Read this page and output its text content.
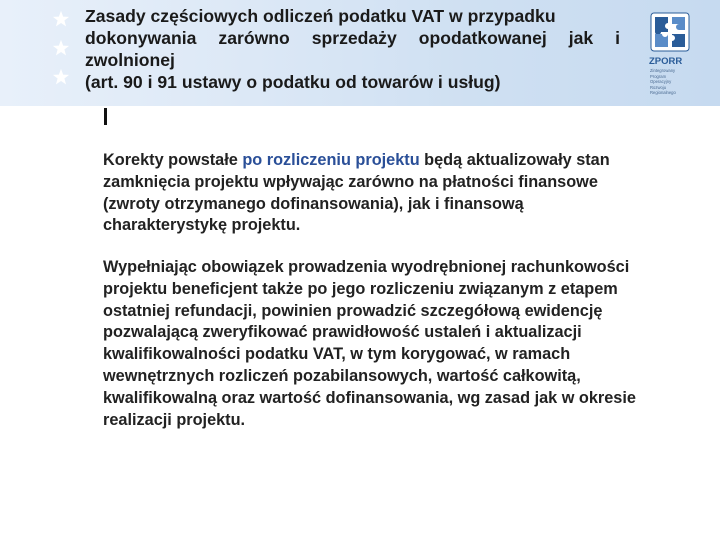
Zasady częściowych odliczeń podatku VAT w przypadku
dokonywania zarówno sprzedaży opodatkowanej jak i
zwolnionej
(art. 90 i 91 ustawy o podatku od towarów i usług)
ZPORR
Zintegrowany
Program
Operacyjny
Rozwoju
Regionalnego
Korekty powstałe po rozliczeniu projektu będą aktualizowały stan
zamknięcia projektu wpływając zarówno na płatności finansowe
(zwroty otrzymanego dofinansowania), jak i finansową
charakterystykę projektu.
Wypełniając obowiązek prowadzenia wyodrębnionej rachunkowości
projektu beneficjent także po jego rozliczeniu związanym z etapem
ostatniej refundacji, powinien prowadzić szczegółową ewidencję
pozwalającą zweryfikować prawidłowość ustaleń i aktualizacji
kwalifikowalności podatku VAT, w tym korygować, w ramach
wewnętrznych rozliczeń pozabilansowych, wartość całkowitą,
kwalifikowalną oraz wartość dofinansowania, wg zasad jak w okresie
realizacji projektu.
